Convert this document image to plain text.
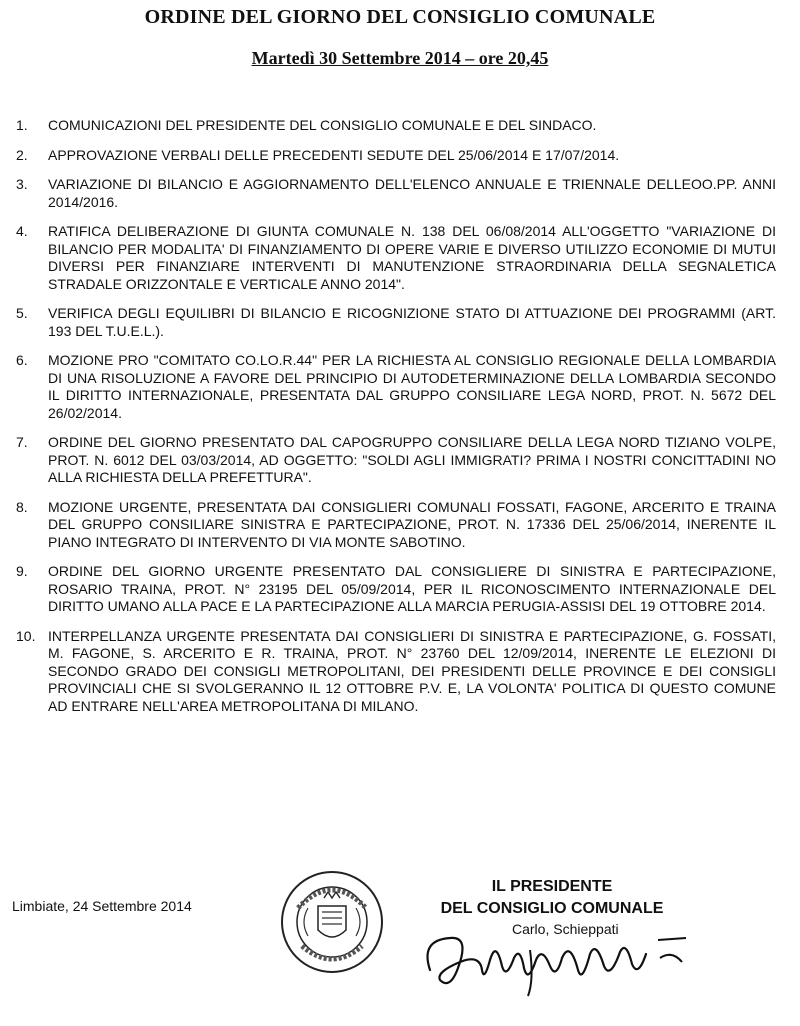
ORDINE DEL GIORNO DEL CONSIGLIO COMUNALE
Martedì 30 Settembre 2014 – ore 20,45
1.	COMUNICAZIONI DEL PRESIDENTE DEL CONSIGLIO COMUNALE E DEL SINDACO.
2.	APPROVAZIONE VERBALI DELLE PRECEDENTI SEDUTE DEL 25/06/2014 E 17/07/2014.
3.	VARIAZIONE DI BILANCIO E AGGIORNAMENTO DELL'ELENCO ANNUALE E TRIENNALE DELLEOO.PP. ANNI 2014/2016.
4.	RATIFICA DELIBERAZIONE DI GIUNTA COMUNALE N. 138 DEL 06/08/2014 ALL'OGGETTO "VARIAZIONE DI BILANCIO PER MODALITA' DI FINANZIAMENTO DI OPERE VARIE E DIVERSO UTILIZZO ECONOMIE DI MUTUI DIVERSI PER FINANZIARE INTERVENTI DI MANUTENZIONE STRAORDINARIA DELLA SEGNALETICA STRADALE ORIZZONTALE E VERTICALE ANNO 2014".
5.	VERIFICA DEGLI EQUILIBRI DI BILANCIO E RICOGNIZIONE STATO DI ATTUAZIONE DEI PROGRAMMI (ART. 193 DEL T.U.E.L.).
6.	MOZIONE PRO "COMITATO CO.LO.R.44" PER LA RICHIESTA AL CONSIGLIO REGIONALE DELLA LOMBARDIA DI UNA RISOLUZIONE A FAVORE DEL PRINCIPIO DI AUTODETERMINAZIONE DELLA LOMBARDIA SECONDO IL DIRITTO INTERNAZIONALE, PRESENTATA DAL GRUPPO CONSILIARE LEGA NORD, PROT. N. 5672 DEL 26/02/2014.
7.	ORDINE DEL GIORNO PRESENTATO DAL CAPOGRUPPO CONSILIARE DELLA LEGA NORD TIZIANO VOLPE, PROT. N. 6012 DEL 03/03/2014, AD OGGETTO: "SOLDI AGLI IMMIGRATI? PRIMA I NOSTRI CONCITTADINI NO ALLA RICHIESTA DELLA PREFETTURA".
8.	MOZIONE URGENTE, PRESENTATA DAI CONSIGLIERI COMUNALI FOSSATI, FAGONE, ARCERITO E TRAINA DEL GRUPPO CONSILIARE SINISTRA E PARTECIPAZIONE, PROT. N. 17336 DEL 25/06/2014, INERENTE IL PIANO INTEGRATO DI INTERVENTO DI VIA MONTE SABOTINO.
9.	ORDINE DEL GIORNO URGENTE PRESENTATO DAL CONSIGLIERE DI SINISTRA E PARTECIPAZIONE, ROSARIO TRAINA, PROT. N° 23195 DEL 05/09/2014, PER IL RICONOSCIMENTO INTERNAZIONALE DEL DIRITTO UMANO ALLA PACE E LA PARTECIPAZIONE ALLA MARCIA PERUGIA-ASSISI DEL 19 OTTOBRE 2014.
10. INTERPELLANZA URGENTE PRESENTATA DAI CONSIGLIERI DI SINISTRA E PARTECIPAZIONE, G. FOSSATI, M. FAGONE, S. ARCERITO E R. TRAINA, PROT. N° 23760 DEL 12/09/2014, INERENTE LE ELEZIONI DI SECONDO GRADO DEI CONSIGLI METROPOLITANI, DEI PRESIDENTI DELLE PROVINCE E DEI CONSIGLI PROVINCIALI CHE SI SVOLGERANNO IL 12 OTTOBRE P.V. E, LA VOLONTA' POLITICA DI QUESTO COMUNE AD ENTRARE NELL'AREA METROPOLITANA DI MILANO.
Limbiate, 24 Settembre 2014
IL PRESIDENTE
DEL CONSIGLIO COMUNALE
Carlo, Schieppati
